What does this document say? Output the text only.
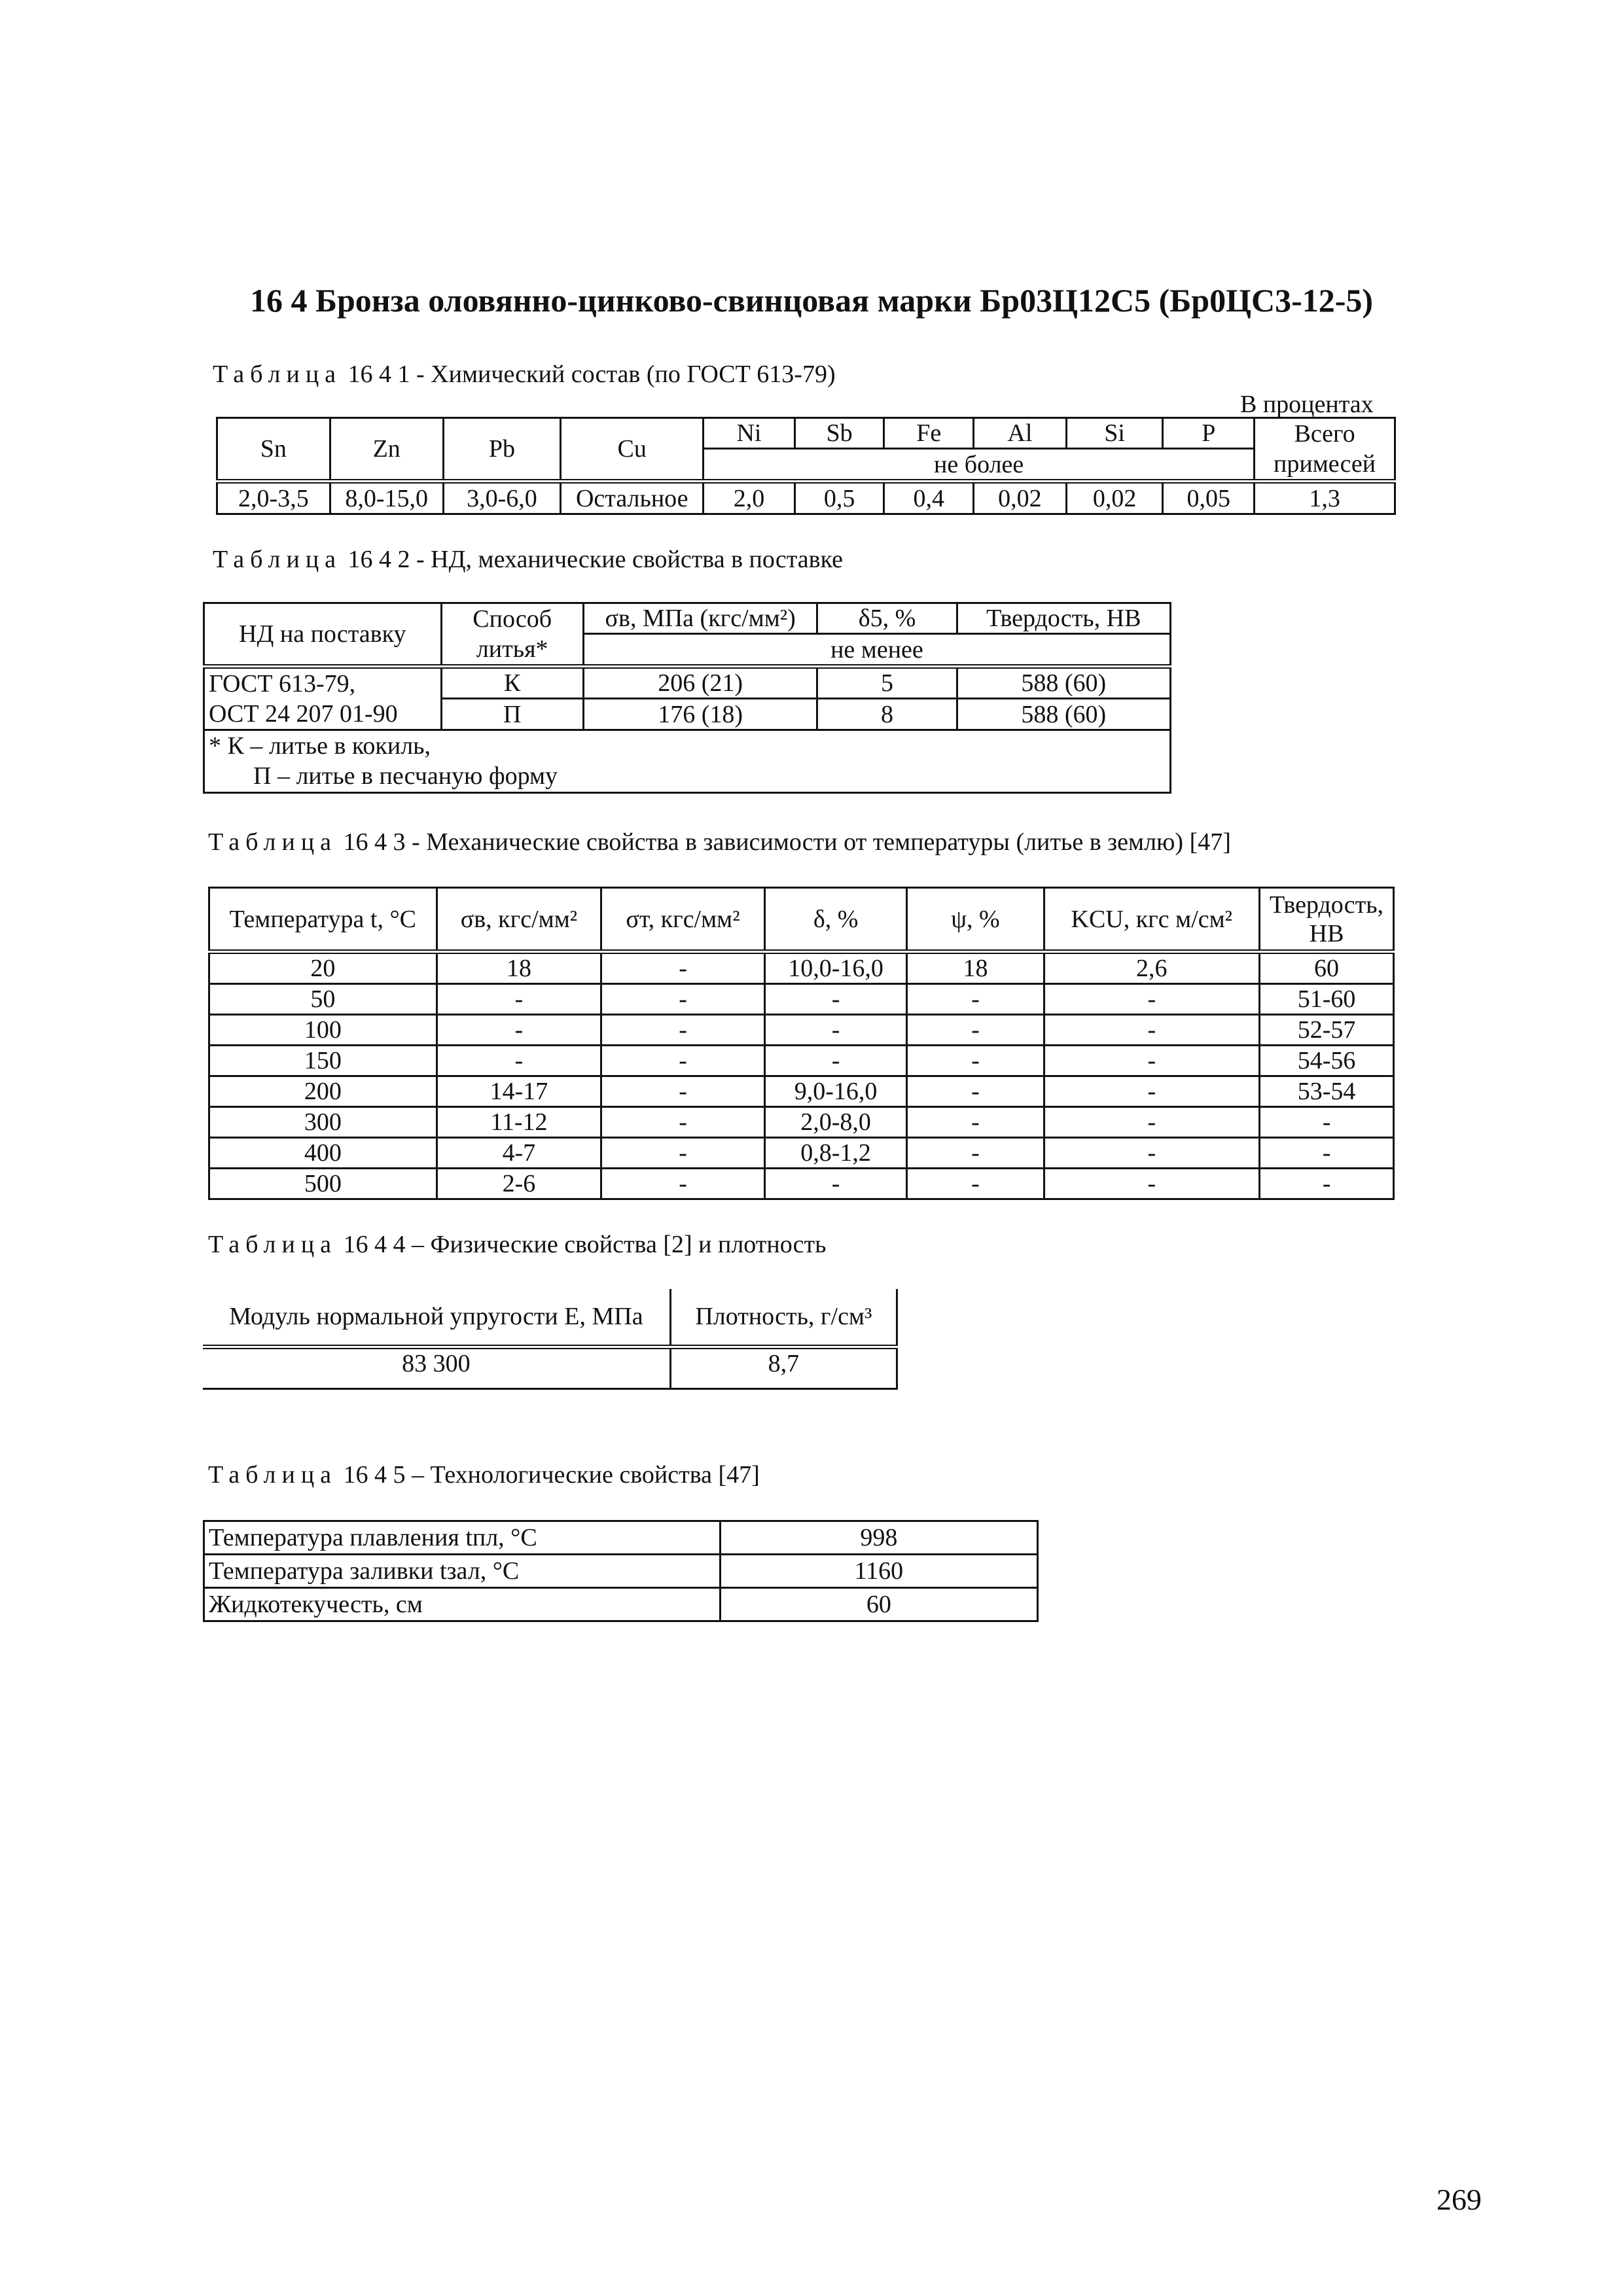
16 4 Бронза оловянно-цинково-свинцовая марки Бр03Ц12С5 (Бр0ЦС3-12-5)
Таблица 16 4 1 - Химический состав (по ГОСТ 613-79)
В процентах
Sn	Zn	Pb	Cu	Ni	Sb	Fe	Al	Si	P	Всего примесей
				не более						
2,0-3,5	8,0-15,0	3,0-6,0	Остальное	2,0	0,5	0,4	0,02	0,02	0,05	1,3
Таблица 16 4 2 - НД, механические свойства в поставке
НД на поставку	Способ литья*	σв, МПа (кгс/мм²)	δ5, %	Твердость, НВ
		не менее		
ГОСТ 613-79,	К	206 (21)	5	588 (60)
ОСТ 24 207 01-90	П	176 (18)	8	588 (60)

* К – литье в кокиль,
П – литье в песчаную форму				
Таблица 16 4 3 - Механические свойства в зависимости от температуры (литье в землю) [47]
Температура t, °С	σв, кгс/мм²	σт, кгс/мм²	δ, %	ψ, %	KCU, кгс м/см²	Твердость, НВ
20	18	-	10,0-16,0	18	2,6	60
50	-	-	-	-	-	51-60
100	-	-	-	-	-	52-57
150	-	-	-	-	-	54-56
200	14-17	-	9,0-16,0	-	-	53-54
300	11-12	-	2,0-8,0	-	-	-
400	4-7	-	0,8-1,2	-	-	-
500	2-6	-	-	-	-	-
Таблица 16 4 4 – Физические свойства [2] и плотность
Модуль нормальной упругости Е, МПа	Плотность, г/см³
83 300	8,7
Таблица 16 4 5 – Технологические свойства [47]
Температура плавления tпл, °С	998
Температура заливки tзал, °С	1160
Жидкотекучесть, см	60
269
